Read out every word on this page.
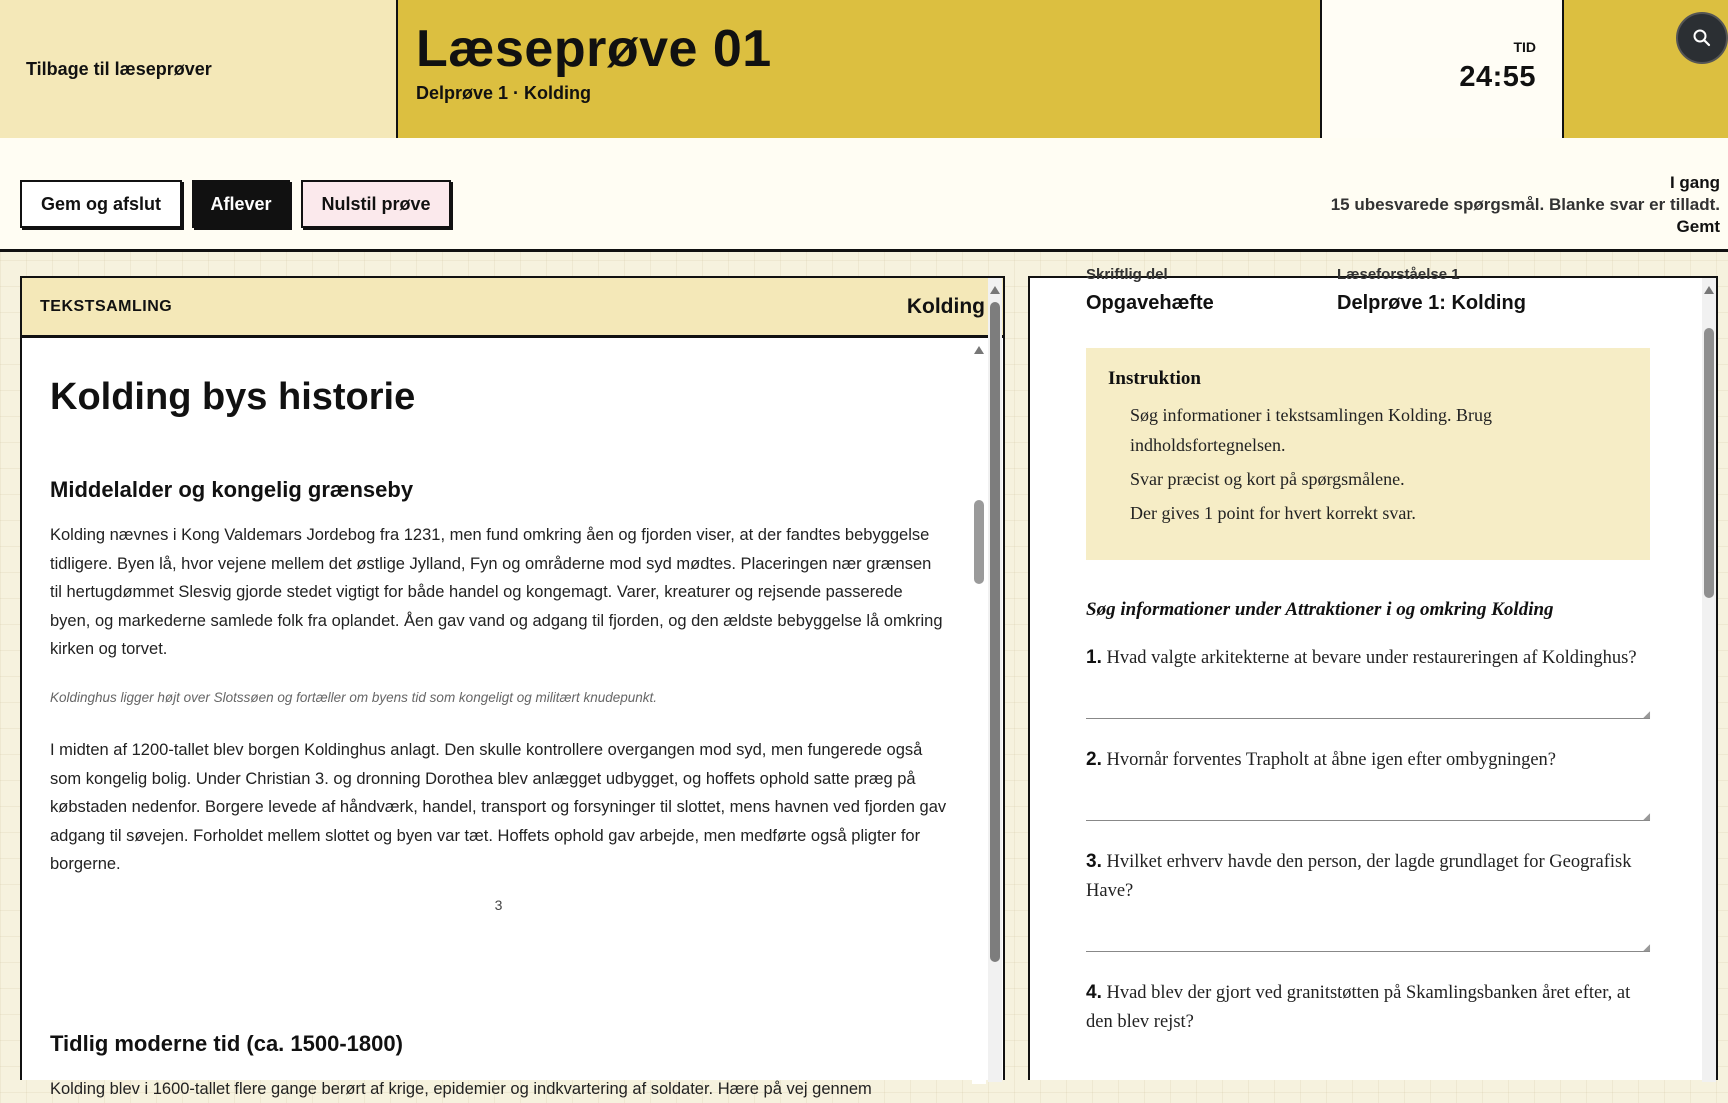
Tilbage til læseprøver	Læseprøve 01
Delprøve 1 · Kolding
TID
24:55
Gem og afslut	Aflever	Nulstil prøve
I gang
15 ubesvarede spørgsmål. Blanke svar er tilladt.
Gemt
TEKSTSAMLING	Kolding
Kolding bys historie
Middelalder og kongelig grænseby

Kolding nævnes i Kong Valdemars Jordebog fra 1231, men fund omkring åen og fjorden viser, at der fandtes bebyggelse tidligere. Byen lå, hvor vejene mellem det østlige Jylland, Fyn og områderne mod syd mødtes. Placeringen nær grænsen til hertugdømmet Slesvig gjorde stedet vigtigt for både handel og kongemagt. Varer, kreaturer og rejsende passerede byen, og markederne samlede folk fra oplandet. Åen gav vand og adgang til fjorden, og den ældste bebyggelse lå omkring kirken og torvet.

Koldinghus ligger højt over Slotssøen og fortæller om byens tid som kongeligt og militært knudepunkt.

I midten af 1200-tallet blev borgen Koldinghus anlagt. Den skulle kontrollere overgangen mod syd, men fungerede også som kongelig bolig. Under Christian 3. og dronning Dorothea blev anlægget udbygget, og hoffets ophold satte præg på købstaden nedenfor. Borgere levede af håndværk, handel, transport og forsyninger til slottet, mens havnen ved fjorden gav adgang til søvejen. Forholdet mellem slottet og byen var tæt. Hoffets ophold gav arbejde, men medførte også pligter for borgerne.

3
Tidlig moderne tid (ca. 1500-1800)

Kolding blev i 1600-tallet flere gange berørt af krige, epidemier og indkvartering af soldater. Hære på vej gennem

Skriftlig del
Opgavehæfte
Læseforståelse 1
Delprøve 1: Kolding
Instruktion
Søg informationer i tekstsamlingen Kolding. Brug indholdsfortegnelsen.
Svar præcist og kort på spørgsmålene.
Der gives 1 point for hvert korrekt svar.
Søg informationer under Attraktioner i og omkring Kolding
1. Hvad valgte arkitekterne at bevare under restaureringen af Koldinghus?
◢
2. Hvornår forventes Trapholt at åbne igen efter ombygningen?
◢
3. Hvilket erhverv havde den person, der lagde grundlaget for Geografisk Have?
◢
4. Hvad blev der gjort ved granitstøtten på Skamlingsbanken året efter, at den blev rejst?
